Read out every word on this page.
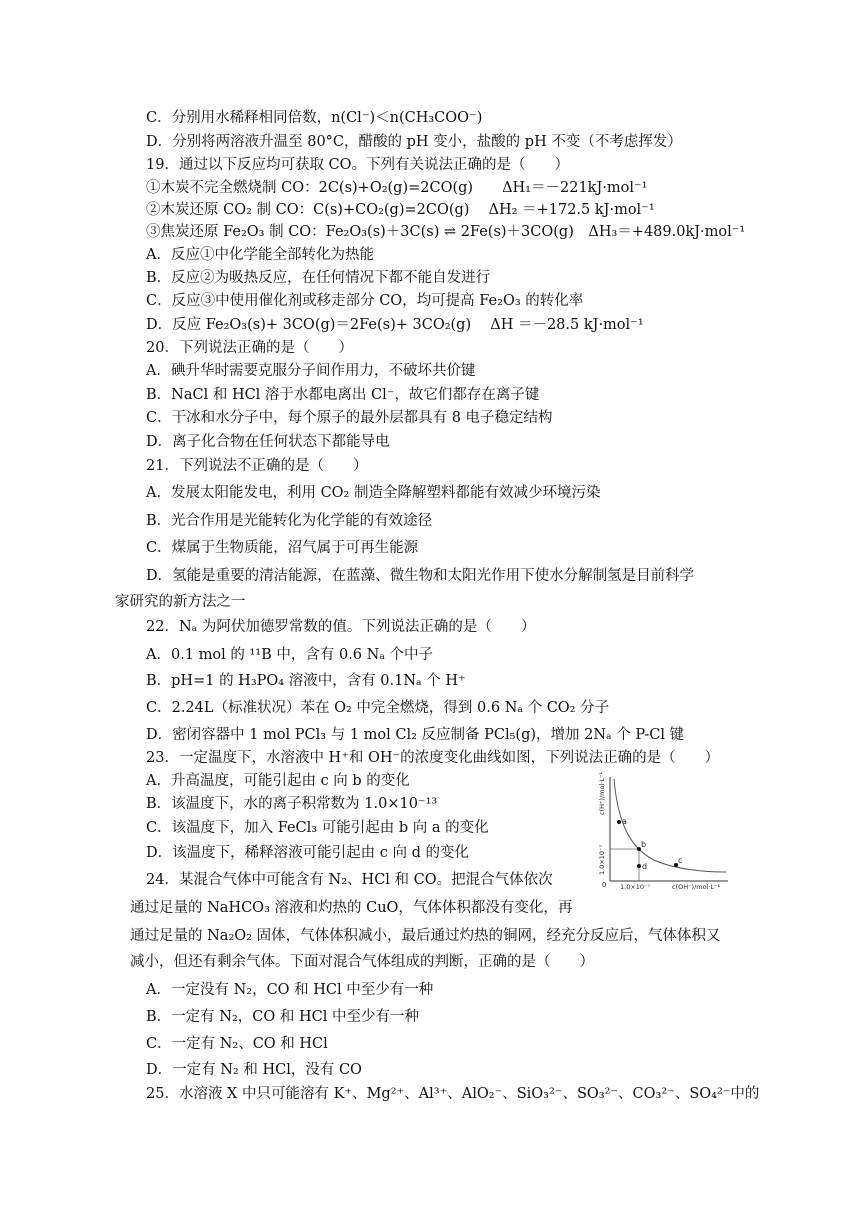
C．分别用水稀释相同倍数，n(Cl⁻)＜n(CH₃COO⁻)
D．分别将两溶液升温至 80°C，醋酸的 pH 变小，盐酸的 pH 不变（不考虑挥发）
19．通过以下反应均可获取 CO。下列有关说法正确的是（　　）
①木炭不完全燃烧制 CO：2C(s)+O₂(g)=2CO(g)　　ΔH₁＝－221kJ·mol⁻¹
②木炭还原 CO₂ 制 CO：C(s)+CO₂(g)=2CO(g)　 ΔH₂ ＝+172.5 kJ·mol⁻¹
③焦炭还原 Fe₂O₃ 制 CO：Fe₂O₃(s)＋3C(s) ⇌ 2Fe(s)＋3CO(g)　ΔH₃＝+489.0kJ·mol⁻¹
A．反应①中化学能全部转化为热能
B．反应②为吸热反应，在任何情况下都不能自发进行
C．反应③中使用催化剂或移走部分 CO，均可提高 Fe₂O₃ 的转化率
D．反应 Fe₂O₃(s)+ 3CO(g)＝2Fe(s)+ 3CO₂(g)　 ΔH ＝－28.5 kJ·mol⁻¹
20．下列说法正确的是（　　）
A．碘升华时需要克服分子间作用力，不破坏共价键
B．NaCl 和 HCl 溶于水都电离出 Cl⁻，故它们都存在离子键
C．干冰和水分子中，每个原子的最外层都具有 8 电子稳定结构
D．离子化合物在任何状态下都能导电
21．下列说法不正确的是（　　）
A．发展太阳能发电，利用 CO₂ 制造全降解塑料都能有效减少环境污染
B．光合作用是光能转化为化学能的有效途径
C．煤属于生物质能，沼气属于可再生能源
D．氢能是重要的清洁能源，在蓝藻、微生物和太阳光作用下使水分解制氢是目前科学
家研究的新方法之一
22．Nₐ 为阿伏加德罗常数的值。下列说法正确的是（　　）
A．0.1 mol 的 ¹¹B 中，含有 0.6 Nₐ 个中子
B．pH=1 的 H₃PO₄ 溶液中，含有 0.1Nₐ 个 H⁺
C．2.24L（标准状况）苯在 O₂ 中完全燃烧，得到 0.6 Nₐ 个 CO₂ 分子
D．密闭容器中 1 mol PCl₃ 与 1 mol Cl₂ 反应制备 PCl₅(g)，增加 2Nₐ 个 P-Cl 键
23．一定温度下，水溶液中 H⁺和 OH⁻的浓度变化曲线如图，下列说法正确的是（　　）
A．升高温度，可能引起由 c 向 b 的变化
B．该温度下，水的离子积常数为 1.0×10⁻¹³
C．该温度下，加入 FeCl₃ 可能引起由 b 向 a 的变化
D．该温度下，稀释溶液可能引起由 c 向 d 的变化
24．某混合气体中可能含有 N₂、HCl 和 CO。把混合气体依次
通过足量的 NaHCO₃ 溶液和灼热的 CuO，气体体积都没有变化，再
通过足量的 Na₂O₂ 固体，气体体积减小，最后通过灼热的铜网，经充分反应后，气体体积又
减小，但还有剩余气体。下面对混合气体组成的判断，正确的是（　　）
A．一定没有 N₂，CO 和 HCl 中至少有一种
B．一定有 N₂，CO 和 HCl 中至少有一种
C．一定有 N₂、CO 和 HCl
D．一定有 N₂ 和 HCl，没有 CO
25．水溶液 X 中只可能溶有 K⁺、Mg²⁺、Al³⁺、AlO₂⁻、SiO₃²⁻、SO₃²⁻、CO₃²⁻、SO₄²⁻中的
a
b
c
d
c(H⁺)/mol·L⁻¹
1.0×10⁻⁷
0 1.0×10⁻⁷	c(OH⁻)/mol·L⁻¹
